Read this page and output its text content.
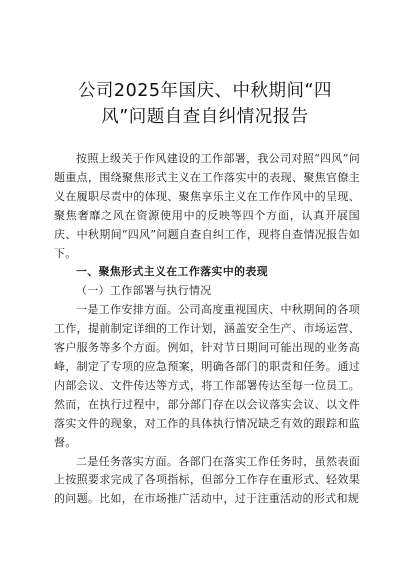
公司2025年国庆、中秋期间“四
风”问题自查自纠情况报告

按照上级关于作风建设的工作部署，我公司对照“四风”问题重点，围绕聚焦形式主义在工作落实中的表现、聚焦官僚主义在履职尽责中的体现、聚焦享乐主义在工作作风中的呈现、聚焦奢靡之风在资源使用中的反映等四个方面，认真开展国庆、中秋期间“四风”问题自查自纠工作，现将自查情况报告如下。

一、聚焦形式主义在工作落实中的表现

（一）工作部署与执行情况

一是工作安排方面。公司高度重视国庆、中秋期间的各项工作，提前制定详细的工作计划，涵盖安全生产、市场运营、客户服务等多个方面。例如，针对节日期间可能出现的业务高峰，制定了专项的应急预案，明确各部门的职责和任务。通过内部会议、文件传达等方式，将工作部署传达至每一位员工。然而，在执行过程中，部分部门存在以会议落实会议、以文件落实文件的现象，对工作的具体执行情况缺乏有效的跟踪和监督。

二是任务落实方面。各部门在落实工作任务时，虽然表面上按照要求完成了各项指标，但部分工作存在重形式、轻效果的问题。比如，在市场推广活动中，过于注重活动的形式和规
